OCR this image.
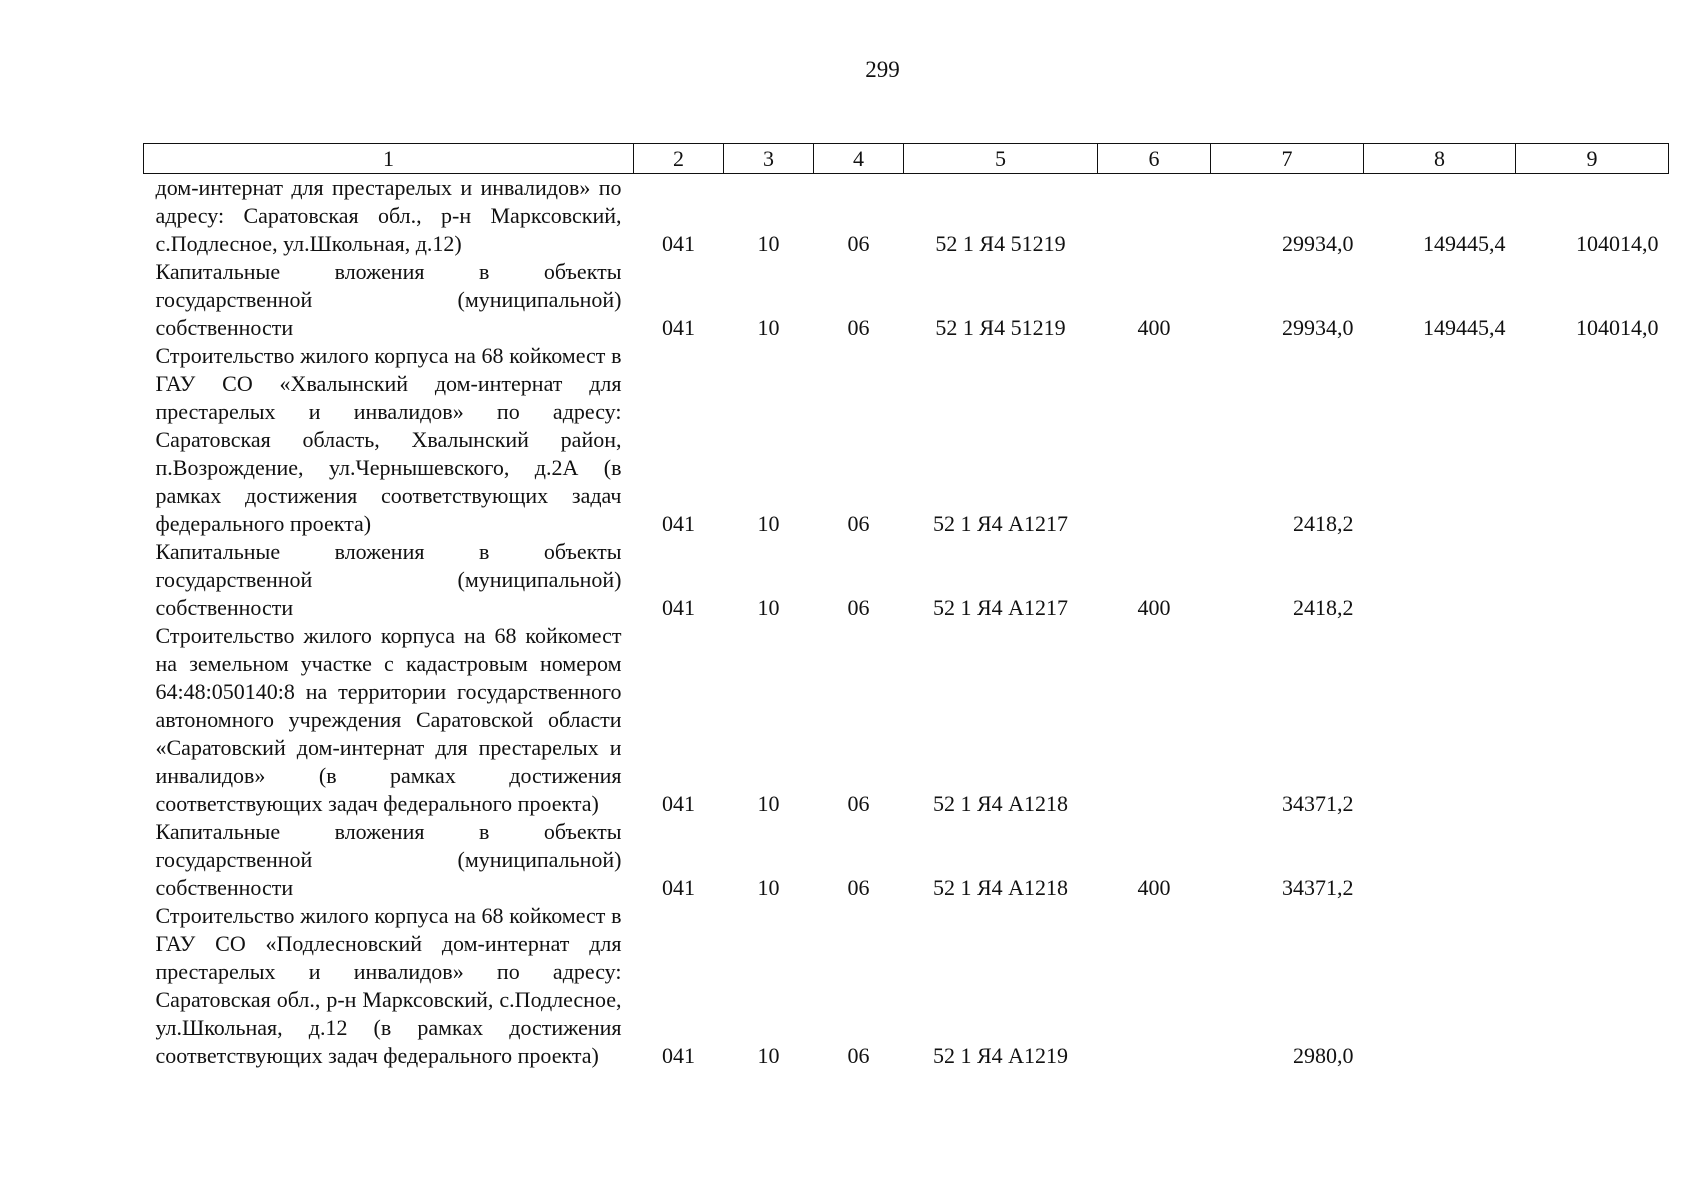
299
1	2	3	4	5	6	7	8	9
дом-интернат для престарелых и инвалидов» по адресу: Саратовская обл., р-н Марксовский, с.Подлесное, ул.Школьная, д.12)	041	10	06	52 1 Я4 51219		29934,0	149445,4	104014,0
Капитальные вложения в объекты государственной (муниципальной) собственности	041	10	06	52 1 Я4 51219	400	29934,0	149445,4	104014,0
Строительство жилого корпуса на 68 койкомест в ГАУ СО «Хвалынский дом-интернат для престарелых и инвалидов» по адресу: Саратовская область, Хвалынский район, п.Возрождение, ул.Чернышевского, д.2А (в рамках достижения соответствующих задач федерального проекта)	041	10	06	52 1 Я4 А1217		2418,2		
Капитальные вложения в объекты государственной (муниципальной) собственности	041	10	06	52 1 Я4 А1217	400	2418,2		
Строительство жилого корпуса на 68 койкомест на земельном участке с кадастровым номером 64:48:050140:8 на территории государственного автономного учреждения Саратовской области «Саратовский дом-интернат для престарелых и инвалидов» (в рамках достижения соответствующих задач федерального проекта)	041	10	06	52 1 Я4 А1218		34371,2		
Капитальные вложения в объекты государственной (муниципальной) собственности	041	10	06	52 1 Я4 А1218	400	34371,2		
Строительство жилого корпуса на 68 койкомест в ГАУ СО «Подлесновский дом-интернат для престарелых и инвалидов» по адресу: Саратовская обл., р-н Марксовский, с.Подлесное, ул.Школьная, д.12 (в рамках достижения соответствующих задач федерального проекта)	041	10	06	52 1 Я4 А1219		2980,0		
